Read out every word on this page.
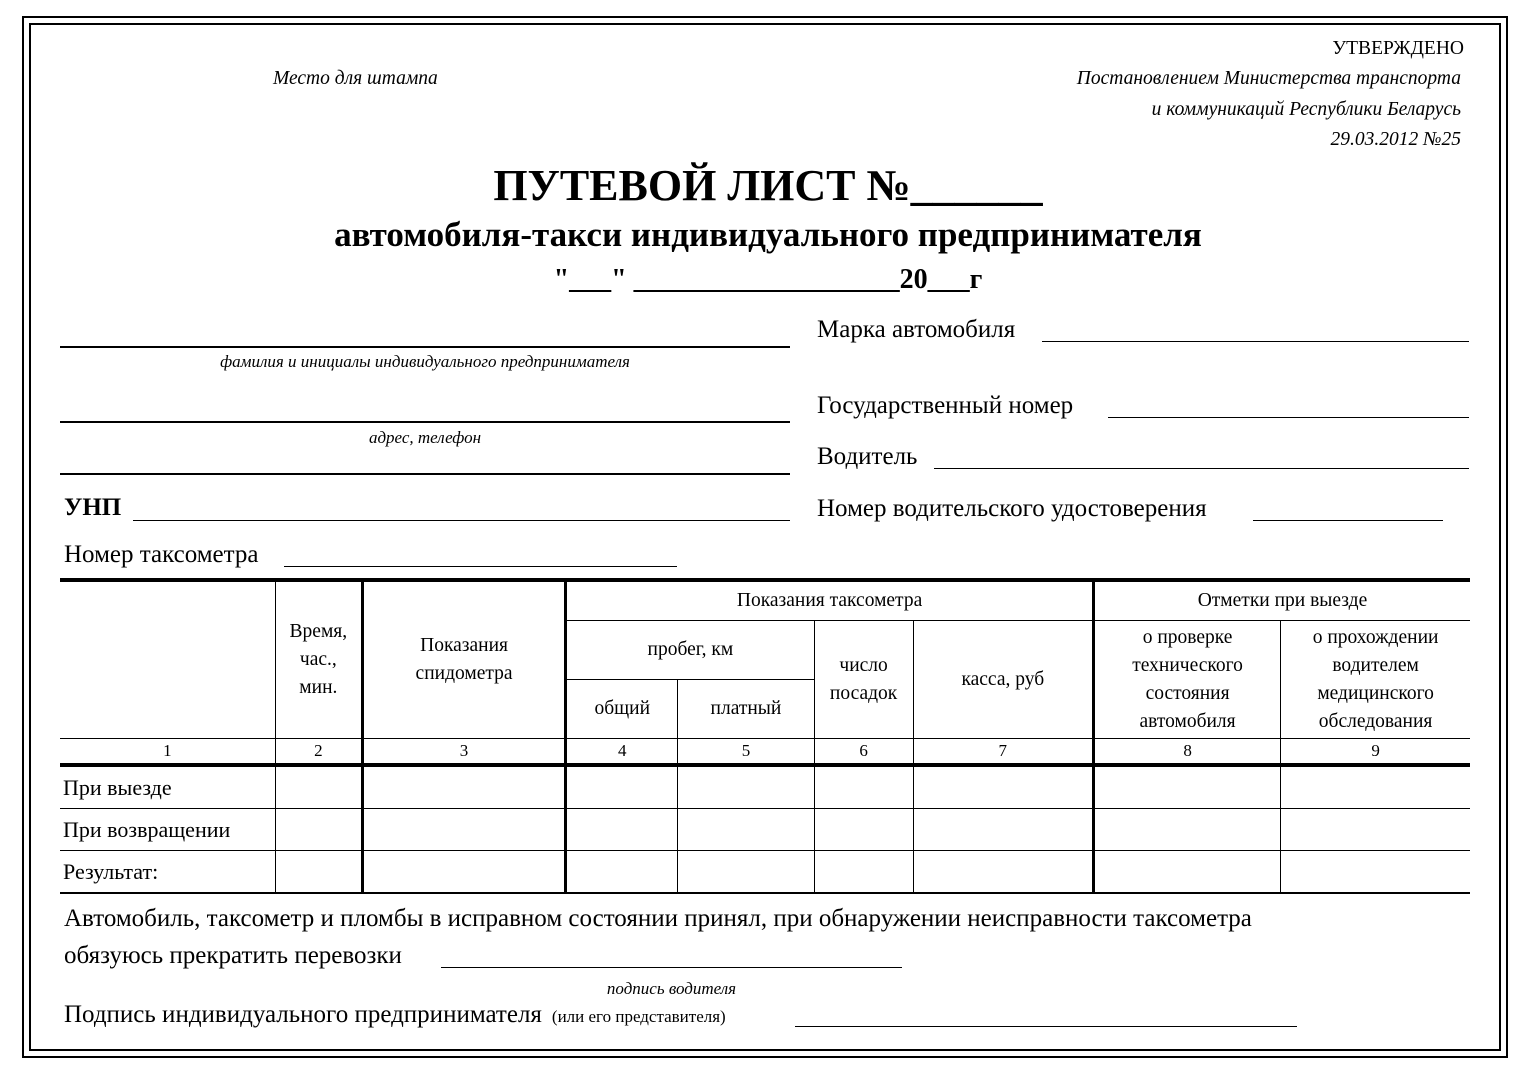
Место для штампа
УТВЕРЖДЕНО
Постановлением Министерства транспорта
и коммуникаций Республики Беларусь
29.03.2012 №25
ПУТЕВОЙ ЛИСТ №______
автомобиля-такси индивидуального предпринимателя
"___" ___________________20___г
фамилия и инициалы индивидуального предпринимателя
адрес, телефон
УНП
Номер таксометра
Марка автомобиля
Государственный номер
Водитель
Номер водительского удостоверения
	Время, час., мин.	Показания спидометра	Показания таксометра				Отметки при выезде	
			пробег, км		число посадок	касса, руб	о проверке технического состояния автомобиля	о прохождении водителем медицинского обследования
			общий	платный				
1	2	3	4	5	6	7	8	9
При выезде								
При возвращении								
Результат:								
Автомобиль, таксометр и пломбы в исправном состоянии принял, при обнаружении неисправности таксометра
обязуюсь прекратить перевозки
подпись водителя
Подпись индивидуального предпринимателя (или его представителя)
